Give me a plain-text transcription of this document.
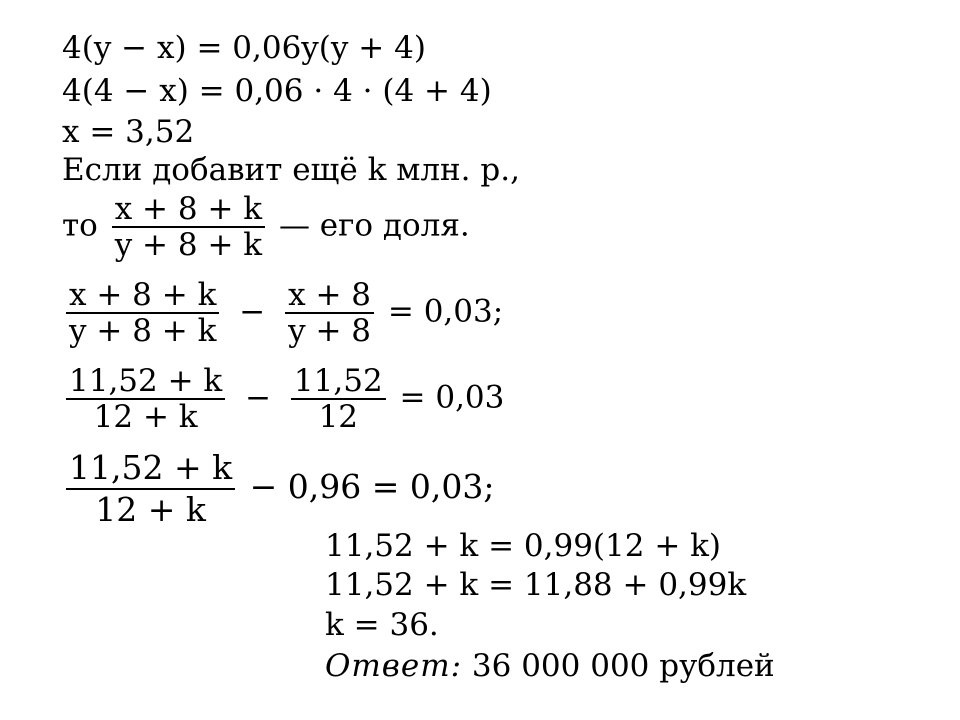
4(y − x) = 0,06y(y + 4)
4(4 − x) = 0,06 · 4 · (4 + 4)
x = 3,52
Если добавит ещё k млн. р.,
то $\frac{x + 8 + k}{y + 8 + k}$ — его доля.
$\frac{x + 8 + k}{y + 8 + k} - \frac{x + 8}{y + 8} = 0,03$;
$\frac{11,52 + k}{12 + k} - \frac{11,52}{12} = 0,03$
$\frac{11,52 + k}{12 + k} - 0,96 = 0,03$;
11,52 + k = 0,99(12 + k)
11,52 + k = 11,88 + 0,99k
k = 36.
Ответ: 36 000 000 рублей
